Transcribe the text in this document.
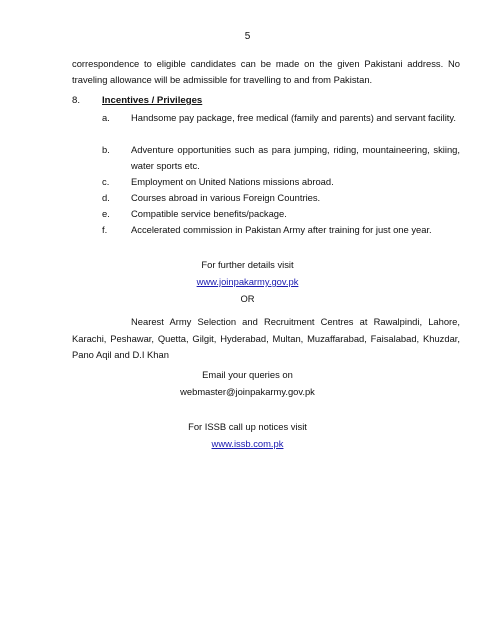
5
correspondence to eligible candidates can be made on the given Pakistani address. No traveling allowance will be admissible for travelling to and from Pakistan.
8. Incentives / Privileges
a. Handsome pay package, free medical (family and parents) and servant facility.
b. Adventure opportunities such as para jumping, riding, mountaineering, skiing, water sports etc.
c. Employment on United Nations missions abroad.
d. Courses abroad in various Foreign Countries.
e. Compatible service benefits/package.
f.	Accelerated commission in Pakistan Army after training for just one year.
For further details visit
www.joinpakarmy.gov.pk
OR
Nearest Army Selection and Recruitment Centres at Rawalpindi, Lahore, Karachi, Peshawar, Quetta, Gilgit, Hyderabad, Multan, Muzaffarabad, Faisalabad, Khuzdar, Pano Aqil and D.I Khan
Email your queries on
webmaster@joinpakarmy.gov.pk
For ISSB call up notices visit
www.issb.com.pk
